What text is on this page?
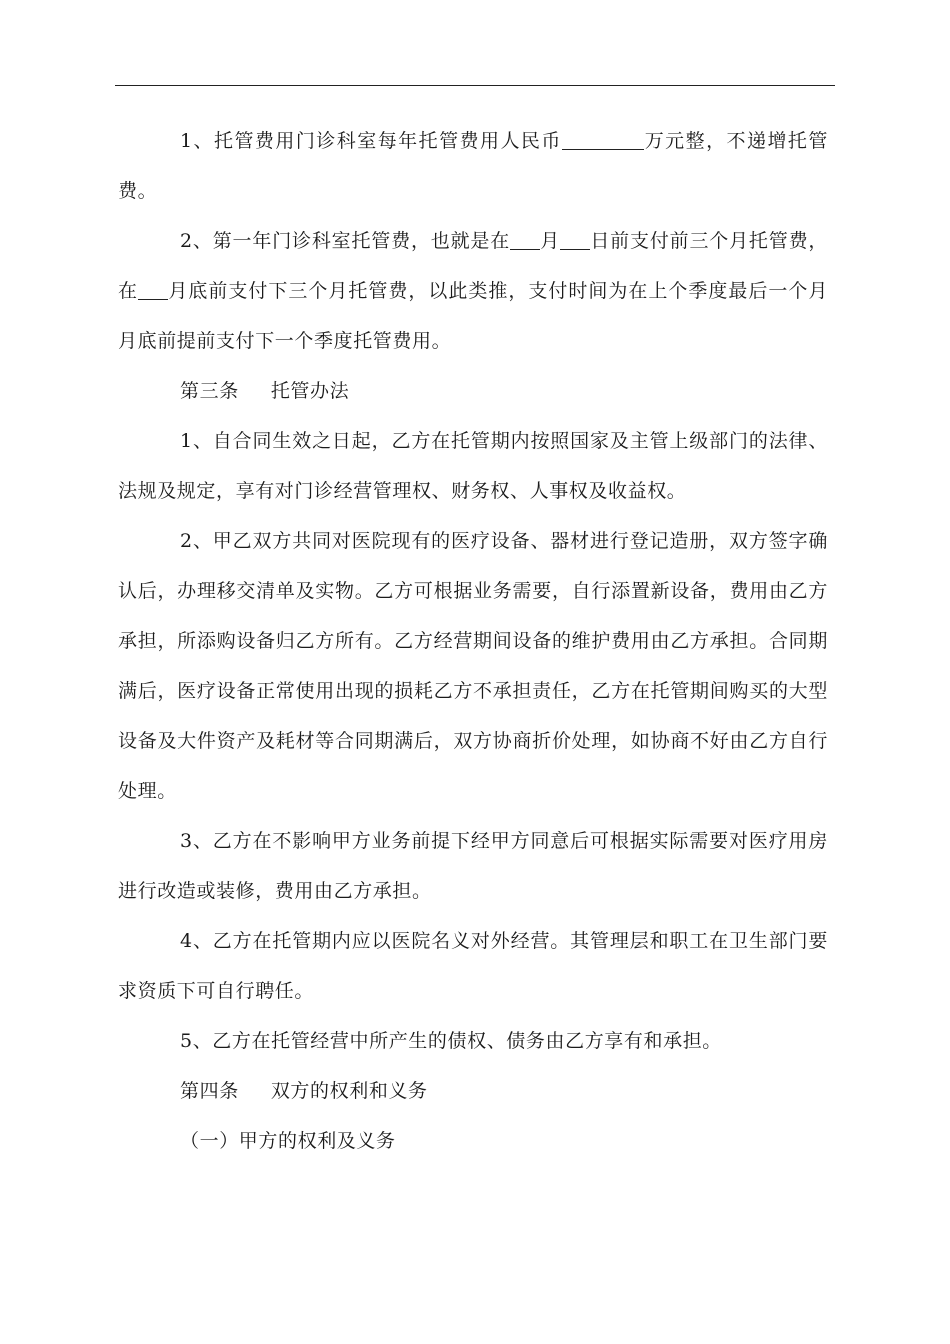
1、托管费用门诊科室每年托管费用人民币	万元整，不递增托管费。

2、第一年门诊科室托管费，也就是在 月 日前支付前三个月托管费，在 月底前支付下三个月托管费，以此类推，支付时间为在上个季度最后一个月月底前提前支付下一个季度托管费用。

第三条 托管办法

1、自合同生效之日起，乙方在托管期内按照国家及主管上级部门的法律、法规及规定，享有对门诊经营管理权、财务权、人事权及收益权。

2、甲乙双方共同对医院现有的医疗设备、器材进行登记造册，双方签字确认后，办理移交清单及实物。乙方可根据业务需要，自行添置新设备，费用由乙方承担，所添购设备归乙方所有。乙方经营期间设备的维护费用由乙方承担。合同期满后，医疗设备正常使用出现的损耗乙方不承担责任，乙方在托管期间购买的大型设备及大件资产及耗材等合同期满后，双方协商折价处理，如协商不好由乙方自行处理。

3、乙方在不影响甲方业务前提下经甲方同意后可根据实际需要对医疗用房进行改造或装修，费用由乙方承担。

4、乙方在托管期内应以医院名义对外经营。其管理层和职工在卫生部门要求资质下可自行聘任。

5、乙方在托管经营中所产生的债权、债务由乙方享有和承担。

第四条 双方的权利和义务

（一）甲方的权利及义务
